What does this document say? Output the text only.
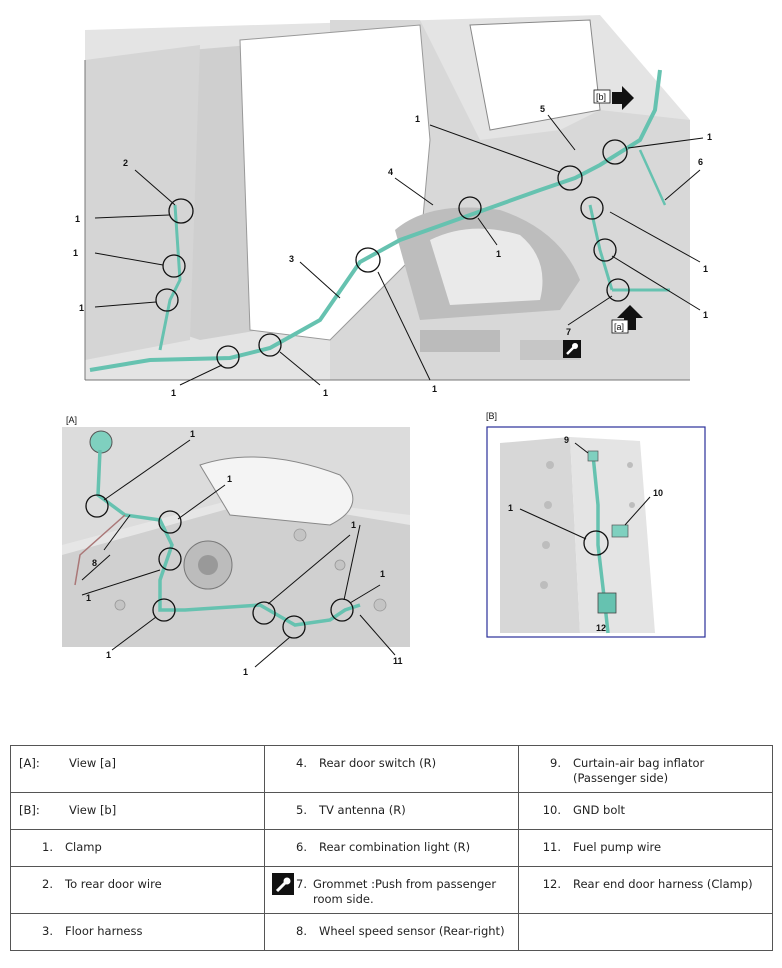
1
1
1
2
1	1
3
4
1
1
1
5
1
6
1
1
7
[b]
[a]
[A]
1
1
8
1
1
1
1
1
11
[B]
9
1
10
12
[A]: View [a]	4. Rear door switch (R)	9. Curtain-air bag inflator (Passenger side)

[B]: View [b]	5. TV antenna (R)	10. GND bolt

1. Clamp	6. Rear combination light (R)	11. Fuel pump wire

2. To rear door wire	7. Grommet :Push from passenger room side.	12. Rear end door harness (Clamp)

3. Floor harness	8. Wheel speed sensor (Rear-right)	
